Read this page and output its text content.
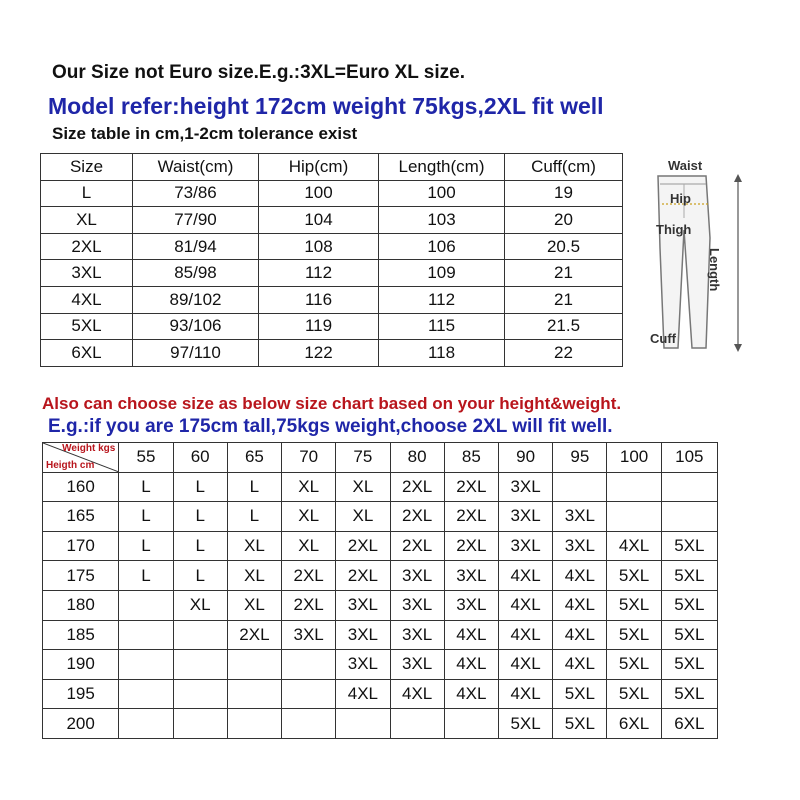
Our Size not Euro size.E.g.:3XL=Euro XL size.
Model refer:height 172cm weight 75kgs,2XL fit well
Size table in cm,1-2cm tolerance exist
Size	Waist(cm)	Hip(cm)	Length(cm)	Cuff(cm)
L	73/86	100	100	19
XL	77/90	104	103	20
2XL	81/94	108	106	20.5
3XL	85/98	112	109	21
4XL	89/102	116	112	21
5XL	93/106	119	115	21.5
6XL	97/110	122	118	22
Waist
Hip
Thigh
Cuff
Length
Also can choose size as below size chart based on your height&weight.
E.g.:if you are 175cm tall,75kgs weight,choose 2XL will fit well.
Weight kgs
Heigth cm	55	60	65	70	75	80	85	90	95	100	105
160	L	L	L	XL	XL	2XL	2XL	3XL			
165	L	L	L	XL	XL	2XL	2XL	3XL	3XL		
170	L	L	XL	XL	2XL	2XL	2XL	3XL	3XL	4XL	5XL
175	L	L	XL	2XL	2XL	3XL	3XL	4XL	4XL	5XL	5XL
180		XL	XL	2XL	3XL	3XL	3XL	4XL	4XL	5XL	5XL
185			2XL	3XL	3XL	3XL	4XL	4XL	4XL	5XL	5XL
190					3XL	3XL	4XL	4XL	4XL	5XL	5XL
195					4XL	4XL	4XL	4XL	5XL	5XL	5XL
200								5XL	5XL	6XL	6XL
